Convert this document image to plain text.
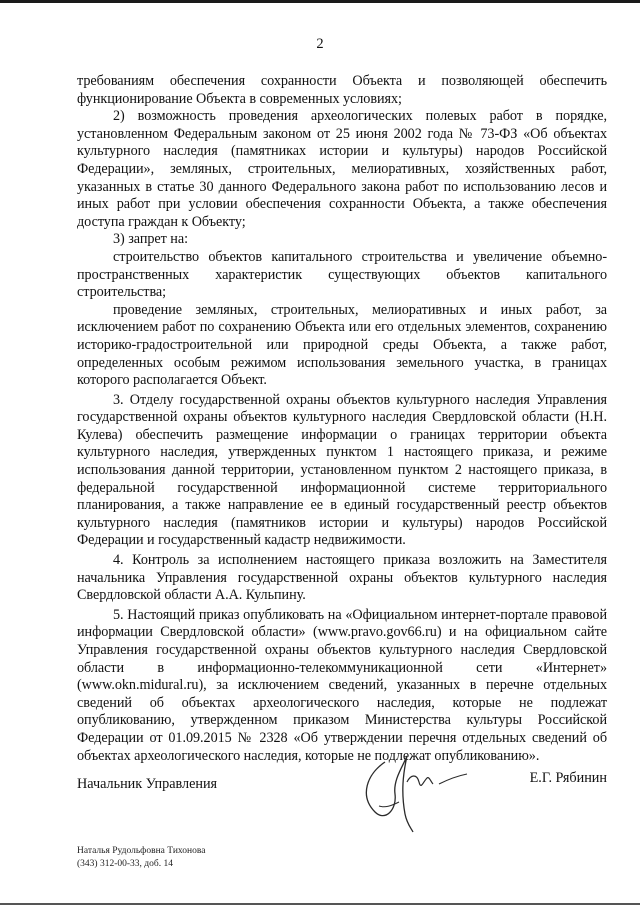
2

требованиям обеспечения сохранности Объекта и позволяющей обеспечить функционирование Объекта в современных условиях;

2) возможность проведения археологических полевых работ в порядке, установленном Федеральным законом от 25 июня 2002 года № 73-ФЗ «Об объектах культурного наследия (памятниках истории и культуры) народов Российской Федерации», земляных, строительных, мелиоративных, хозяйственных работ, указанных в статье 30 данного Федерального закона работ по использованию лесов и иных работ при условии обеспечения сохранности Объекта, а также обеспечения доступа граждан к Объекту;

3) запрет на:

строительство объектов капитального строительства и увеличение объемно-пространственных характеристик существующих объектов капитального строительства;

проведение земляных, строительных, мелиоративных и иных работ, за исключением работ по сохранению Объекта или его отдельных элементов, сохранению историко-градостроительной или природной среды Объекта, а также работ, определенных особым режимом использования земельного участка, в границах которого располагается Объект.

3. Отделу государственной охраны объектов культурного наследия Управления государственной охраны объектов культурного наследия Свердловской области (Н.Н. Кулева) обеспечить размещение информации о границах территории объекта культурного наследия, утвержденных пунктом 1 настоящего приказа, и режиме использования данной территории, установленном пунктом 2 настоящего приказа, в федеральной государственной информационной системе территориального планирования, а также направление ее в единый государственный реестр объектов культурного наследия (памятников истории и культуры) народов Российской Федерации и государственный кадастр недвижимости.

4. Контроль за исполнением настоящего приказа возложить на Заместителя начальника Управления государственной охраны объектов культурного наследия Свердловской области А.А. Кульпину.

5. Настоящий приказ опубликовать на «Официальном интернет-портале правовой информации Свердловской области» (www.pravo.gov66.ru) и на официальном сайте Управления государственной охраны объектов культурного наследия Свердловской области в информационно-телекоммуникационной сети «Интернет» (www.okn.midural.ru), за исключением сведений, указанных в перечне отдельных сведений об объектах археологического наследия, которые не подлежат опубликованию, утвержденном приказом Министерства культуры Российской Федерации от 01.09.2015 № 2328 «Об утверждении перечня отдельных сведений об объектах археологического наследия, которые не подлежат опубликованию».

Начальник Управления	Е.Г. Рябинин
Наталья Рудольфовна Тихонова
(343) 312-00-33, доб. 14
